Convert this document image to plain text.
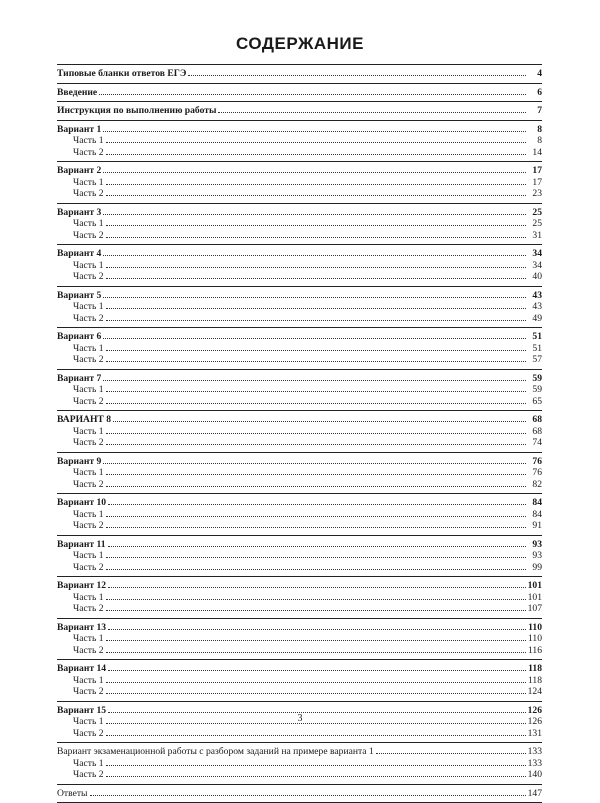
СОДЕРЖАНИЕ
Типовые бланки ответов ЕГЭ	4
Введение	6
Инструкция по выполнению работы	7
Вариант 1	8
Часть 1	8
Часть 2	14
Вариант 2	17
Часть 1	17
Часть 2	23
Вариант 3	25
Часть 1	25
Часть 2	31
Вариант 4	34
Часть 1	34
Часть 2	40
Вариант 5	43
Часть 1	43
Часть 2	49
Вариант 6	51
Часть 1	51
Часть 2	57
Вариант 7	59
Часть 1	59
Часть 2	65
ВАРИАНТ 8	68
Часть 1	68
Часть 2	74
Вариант 9	76
Часть 1	76
Часть 2	82
Вариант 10	84
Часть 1	84
Часть 2	91
Вариант 11	93
Часть 1	93
Часть 2	99
Вариант 12	101
Часть 1	101
Часть 2	107
Вариант 13	110
Часть 1	110
Часть 2	116
Вариант 14	118
Часть 1	118
Часть 2	124
Вариант 15	126
Часть 1	126
Часть 2	131
Вариант экзаменационной работы с разбором заданий на примере варианта 1	133
Часть 1	133
Часть 2	140
Ответы	147
3
